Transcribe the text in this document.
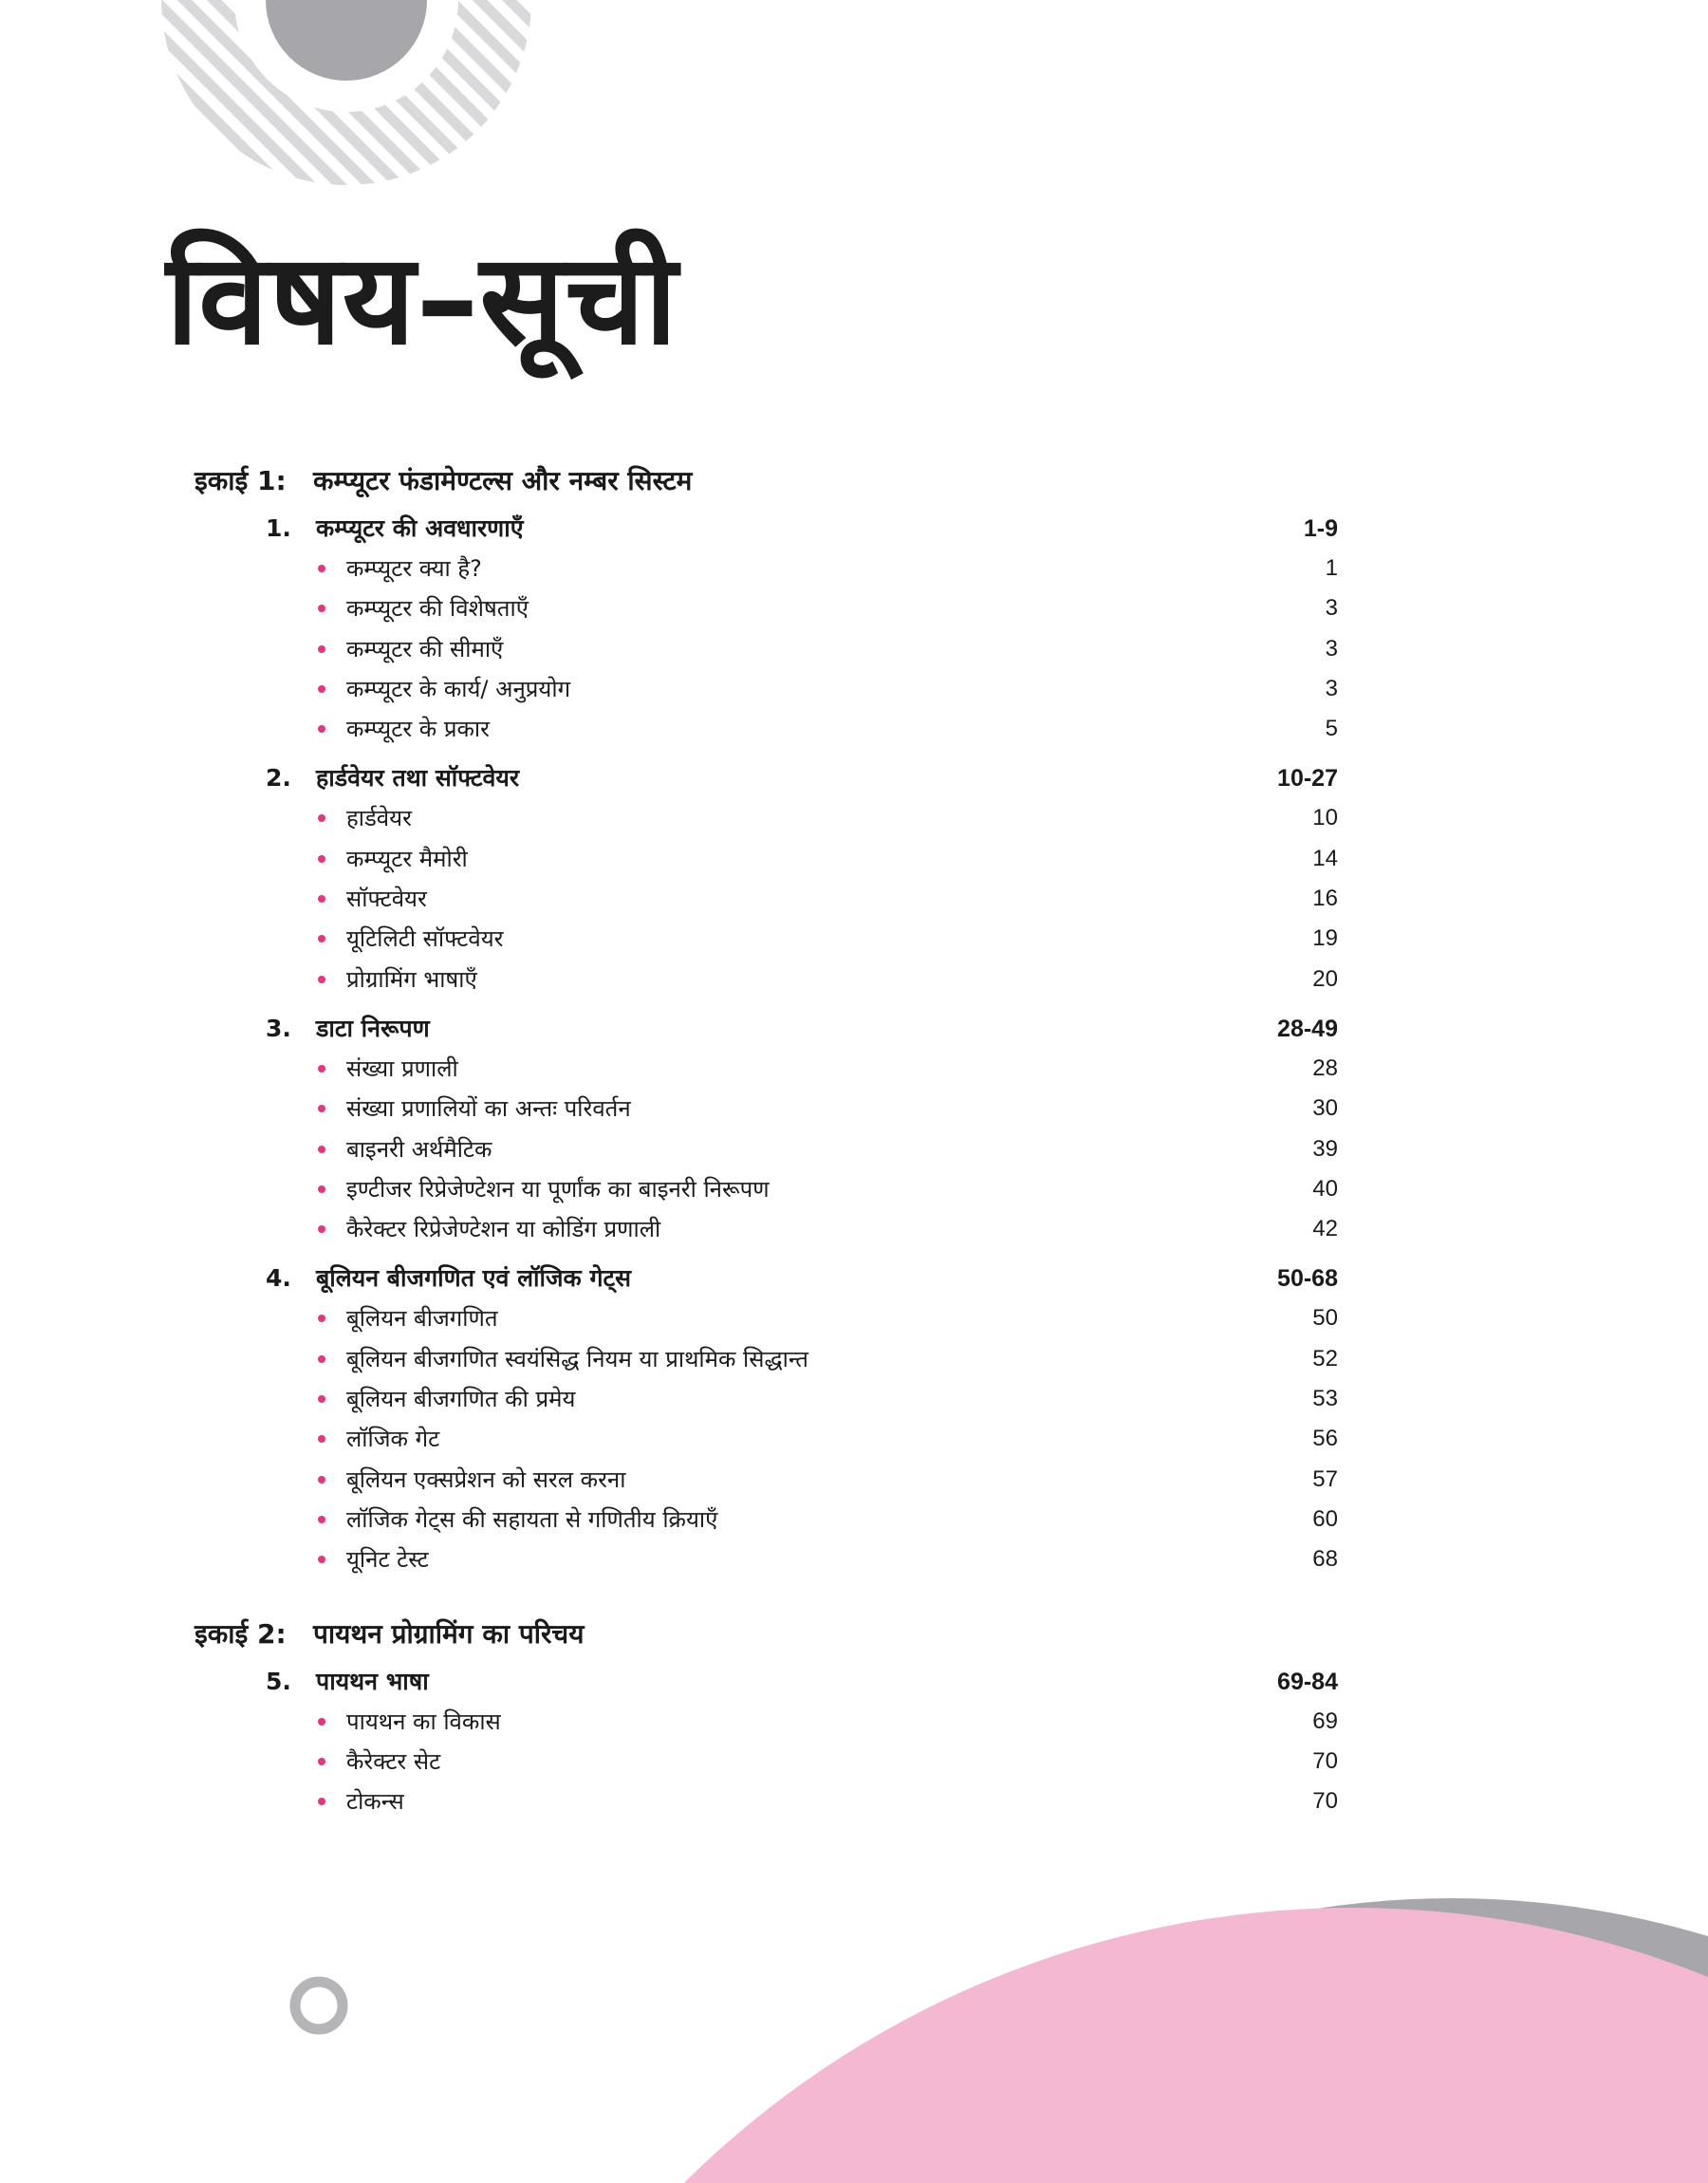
विषय–सूची
इकाई 1:	कम्प्यूटर फंडामेण्टल्स और नम्बर सिस्टम
1. कम्प्यूटर की अवधारणाएँ	1-9
कम्प्यूटर क्या है?	1
कम्प्यूटर की विशेषताएँ	3
कम्प्यूटर की सीमाएँ	3
कम्प्यूटर के कार्य/ अनुप्रयोग	3
कम्प्यूटर के प्रकार	5
2. हार्डवेयर तथा सॉफ्टवेयर	10-27
हार्डवेयर	10
कम्प्यूटर मैमोरी	14
सॉफ्टवेयर	16
यूटिलिटी सॉफ्टवेयर	19
प्रोग्रामिंग भाषाएँ	20
3. डाटा निरूपण	28-49
संख्या प्रणाली	28
संख्या प्रणालियों का अन्तः परिवर्तन	30
बाइनरी अर्थमैटिक	39
इण्टीजर रिप्रेजेण्टेशन या पूर्णांक का बाइनरी निरूपण	40
कैरेक्टर रिप्रेजेण्टेशन या कोडिंग प्रणाली	42
4. बूलियन बीजगणित एवं लॉजिक गेट्स	50-68
बूलियन बीजगणित	50
बूलियन बीजगणित स्वयंसिद्ध नियम या प्राथमिक सिद्धान्त	52
बूलियन बीजगणित की प्रमेय	53
लॉजिक गेट	56
बूलियन एक्सप्रेशन को सरल करना	57
लॉजिक गेट्स की सहायता से गणितीय क्रियाएँ	60
यूनिट टेस्ट	68
इकाई 2:	पायथन प्रोग्रामिंग का परिचय
5. पायथन भाषा	69-84
पायथन का विकास	69
कैरेक्टर सेट	70
टोकन्स	70
